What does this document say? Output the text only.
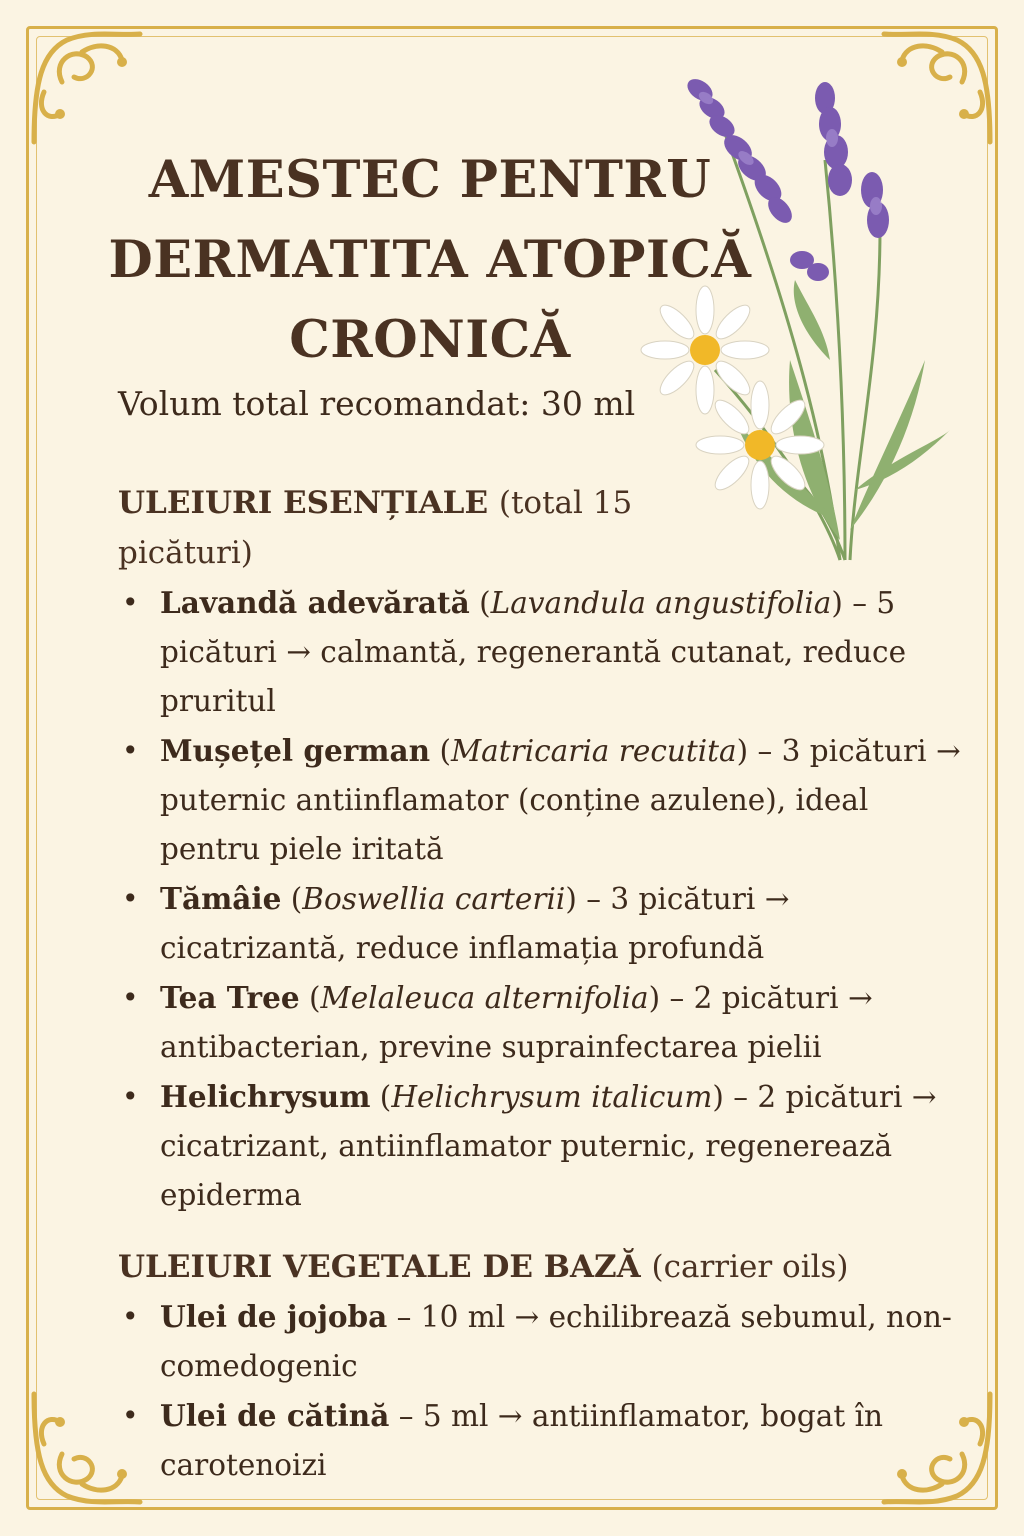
AMESTEC PENTRU
DERMATITA ATOPICĂ
CRONICĂ

Volum total recomandat: 30 ml

ULEIURI ESENȚIALE (total 15 picături)
• Lavandă adevărată (Lavandula angustifolia) – 5 picături → calmantă, regenerantă cutanat, reduce pruritul
• Mușețel german (Matricaria recutita) – 3 picături → puternic antiinflamator (conține azulene), ideal pentru piele iritată
• Tămâie (Boswellia carterii) – 3 picături → cicatrizantă, reduce inflamația profundă
• Tea Tree (Melaleuca alternifolia) – 2 picături → antibacterian, previne suprainfectarea pielii
• Helichrysum (Helichrysum italicum) – 2 picături → cicatrizant, antiinflamator puternic, regenerează epiderma
ULEIURI VEGETALE DE BAZĂ (carrier oils)
• Ulei de jojoba – 10 ml → echilibrează sebumul, non-comedogenic
• Ulei de cătină – 5 ml → antiinflamator, bogat în carotenoizi
